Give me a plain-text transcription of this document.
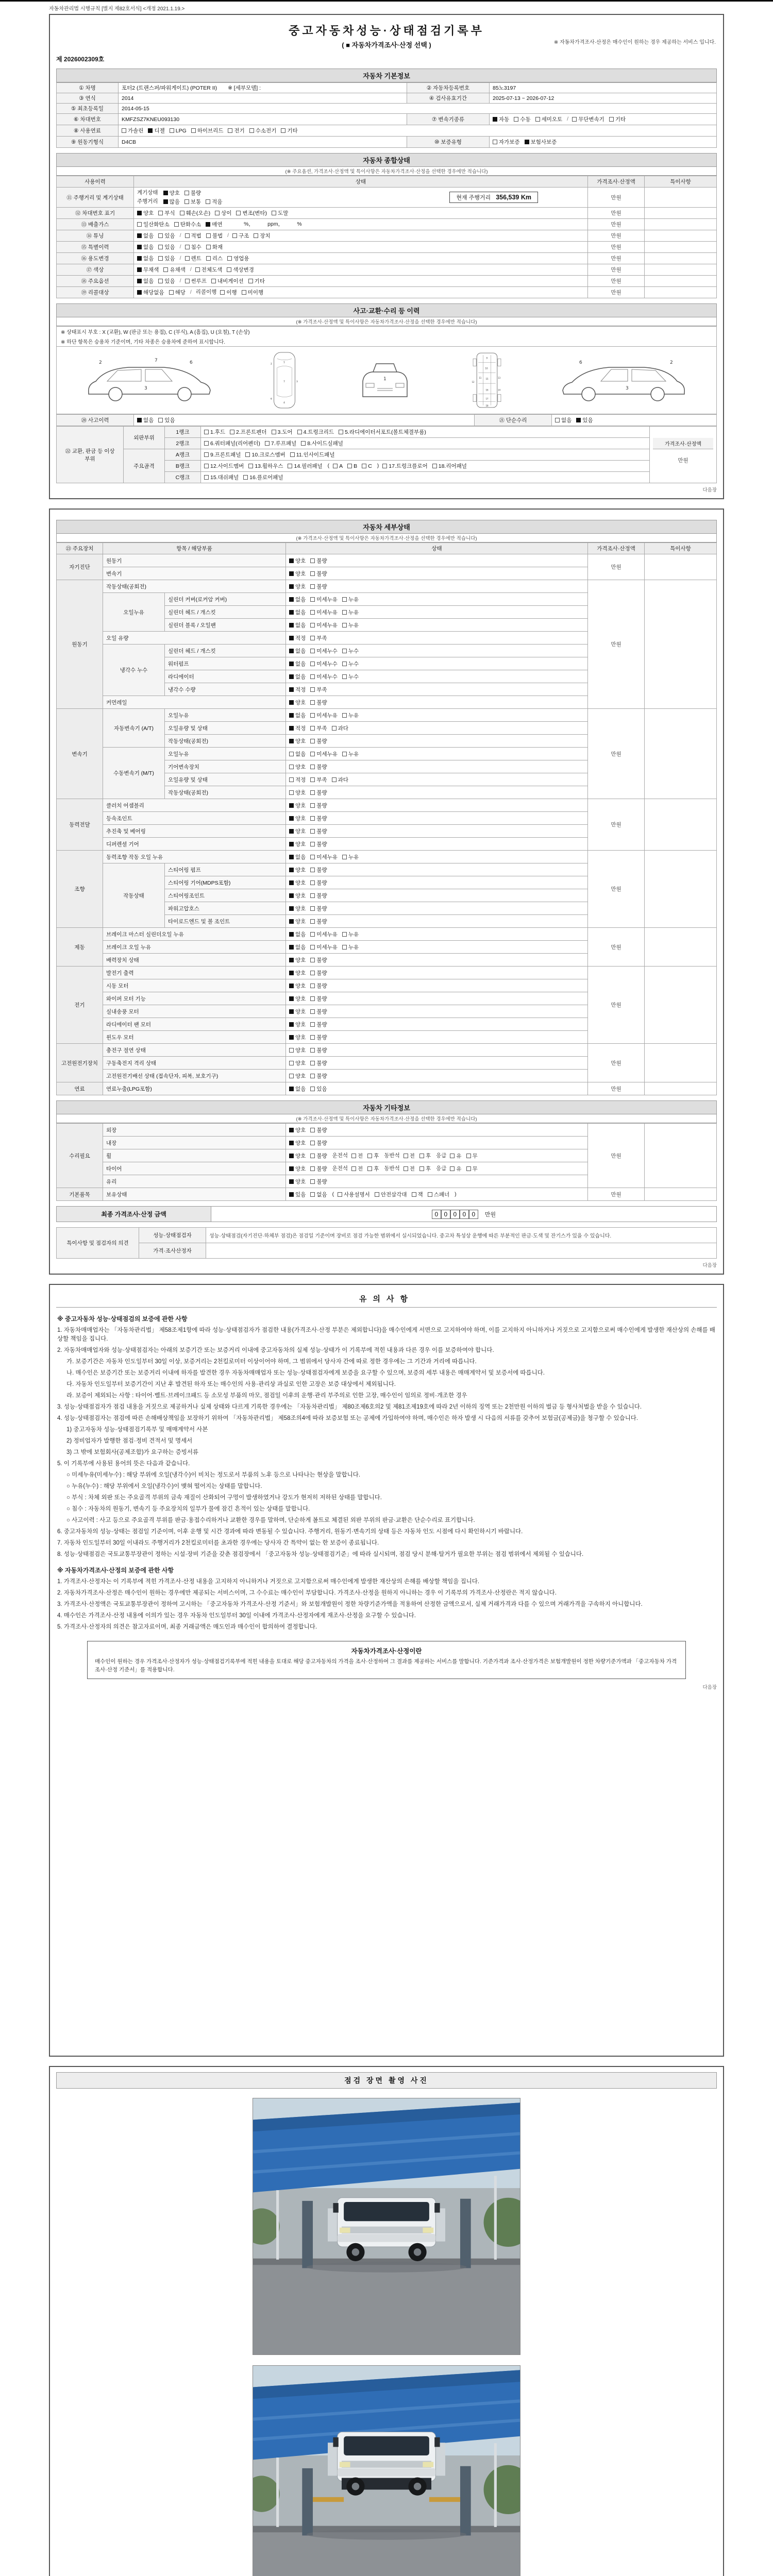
자동차관리법 시행규칙 [별지 제82호서식] <개정 2021.1.19.>
중고자동차성능·상태점검기록부
( ■ 자동차가격조사·산정 선택 )	※ 자동차가격조사·산정은 매수인이 원하는 경우 제공하는 서비스 입니다.
제 2026002309호
자동차 기본정보
① 차명	포터2 (트랜스퍼/파워게이트) (POTER II)　　※ [세부모델] :	② 자동차등록번호	85노3197
③ 연식	2014	④ 검사유효기간	2025-07-13 ~ 2026-07-12
⑤ 최초등록일	2014-05-15		
⑥ 차대번호	KMFZSZ7KNEU093130	⑦ 변속기종류	자동 수동 세미오토 / 무단변속기 기타

⑧ 사용연료	가솔린 디젤 LPG 하이브리드 전기 수소전기 기타

⑨ 원동기형식	D4CB	⑩ 보증유형	자가보증 보험사보증
자동차 종합상태
(※ 주요옵션, 가격조사·산정액 및 특이사항은 자동차가격조사·산정을 선택한 경우에만 적습니다)
사용이력	상태	가격조사·산정액	특이사항
⑪ 주행거리 및 계기상태	
계기상태 양호 불량
주행거리 많음 보통 적음
현재 주행거리 356,539 Km	만원	
⑫ 차대번호 표기	양호 부식 훼손(오손) 상이 변조(변타) 도말	만원	
⑬ 배출가스	일산화탄소 탄화수소 매연 　　　%，　　　ppm，　　　%	만원	
⑭ 튜닝	없음 있음 / 적법 불법 / 구조 장치	만원	
⑮ 특별이력	없음 있음 / 침수 화재	만원	
⑯ 용도변경	없음 있음 / 렌트 리스 영업용	만원	
⑰ 색상	무채색 유채색 / 전체도색 색상변경	만원	
⑱ 주요옵션	없음 있음 / 썬루프 내비게이션 기타	만원	
⑲ 리콜대상	해당없음 해당 / 리콜이행 이행 미이행	만원	
사고·교환·수리 등 이력
(※ 가격조사·산정액 및 특이사항은 자동차가격조사·산정을 선택한 경우에만 적습니다)
※ 상태표시 부호 : X (교환), W (판금 또는 용접), C (부식), A (흠집), U (요철), T (손상)
※ 하단 항목은 승용차 기준이며, 기타 차종은 승용차에 준하여 표시합니다.
2
3
6
7	1
7
4
2
3
6
1
9
10
11
12
13
14
15
16
17
18
6
3
2
⑳ 사고이력	없음 있음	㉑ 단순수리	없음 있음
㉒ 교환, 판금 등 이상 부위	외판부위	1랭크	1.후드 2.프론트펜더 3.도어 4.트렁크리드 5.라디에이터서포트(볼트체결부품)

가격조사·산정액
만원

		2랭크	6.쿼터패널(리어펜더) 7.루프패널 8.사이드실패널	

	주요골격	A랭크	9.프론트패널 10.크로스멤버 11.인사이드패널	

B랭크	12.사이드멤버 13.휠하우스 14.필러패널 ( A B C ) 17.트렁크플로어 18.리어패널

		C랭크	15.대쉬패널 16.플로어패널	
다음장
자동차 세부상태
(※ 가격조사·산정액 및 특이사항은 자동차가격조사·산정을 선택한 경우에만 적습니다)
㉓ 주요장치	항목 / 해당부품		상태	가격조사·산정액	특이사항
자기진단	원동기		양호 불량	만원	
	변속기		양호 불량		

원동기	작동상태(공회전)		양호 불량	만원	
	오일누유	실린더 커버(로커암 커버)	없음 미세누유 누유		

		실린더 헤드 / 개스킷	없음 미세누유 누유		

		실린더 블록 / 오일팬	없음 미세누유 누유		

	오일 유량		적정 부족		

	냉각수 누수	실린더 헤드 / 개스킷	없음 미세누수 누수		

		워터펌프	없음 미세누수 누수		

		라디에이터	없음 미세누수 누수		

		냉각수 수량	적정 부족		

	커먼레일		양호 불량		

변속기	자동변속기 (A/T)	오일누유	없음 미세누유 누유	만원	
		오일유량 및 상태	적정 부족 과다		

		작동상태(공회전)	양호 불량		

	수동변속기 (M/T)	오일누유	없음 미세누유 누유		

		기어변속장치	양호 불량		

		오일유량 및 상태	적정 부족 과다		

		작동상태(공회전)	양호 불량		

동력전달	클러치 어셈블리		양호 불량	만원	
	등속조인트		양호 불량		

	추진축 및 베어링		양호 불량		

	디퍼렌셜 기어		양호 불량		

조향	동력조향 작동 오일 누유		없음 미세누유 누유	만원	
	작동상태	스티어링 펌프	양호 불량		

		스티어링 기어(MDPS포함)	양호 불량		

		스티어링조인트	양호 불량		

		파워고압호스	양호 불량		

		타이로드엔드 및 볼 조인트	양호 불량		

제동	브레이크 마스터 실린더오일 누유		없음 미세누유 누유	만원	
	브레이크 오일 누유		없음 미세누유 누유		

	배력장치 상태		양호 불량		

전기	발전기 출력		양호 불량	만원	
	시동 모터		양호 불량		

	와이퍼 모터 기능		양호 불량		

	실내송풍 모터		양호 불량		

	라디에이터 팬 모터		양호 불량		

	윈도우 모터		양호 불량		

고전원전기장치	충전구 절연 상태		양호 불량	만원	
	구동축전지 격리 상태		양호 불량		

	고전원전기배선 상태 (접속단자, 피복, 보호기구)		양호 불량		

연료	연료누출(LPG포함)		없음 있음	만원	
자동차 기타정보
(※ 가격조사·산정액 및 특이사항은 자동차가격조사·산정을 선택한 경우에만 적습니다)
수리필요	외장	양호 불량	만원	
	내장	양호 불량		

휠	양호 불량 운전석 전 후 동반석 전 후 응급 유 무

타이어	양호 불량 운전석 전 후 동반석 전 후 응급 유 무

	유리	양호 불량		

기본품목	보유상태	있음 없음 ( 사용설명서 안전삼각대 잭 스패너 )	만원	
최종 가격조사·산정 금액	0 0 0 0 0	만원
특이사항 및 점검자의 의견	성능·상태점검자	성능·상태점검(자기진단·하체부 점검)은 점검일 기준이며 장비로 점검 가능한 범위에서 실시되었습니다. 중고차 특성상 운행에 따른 부분적인 판금·도색 및 잔기스가 있을 수 있습니다.
	가격·조사산정자	
다음장
유의사항
※ 중고자동차 성능·상태점검의 보증에 관한 사항
1. 자동차매매업자는 「자동차관리법」 제58조제1항에 따라 성능·상태점검자가 점검한 내용(가격조사·산정 부분은 제외합니다)을 매수인에게 서면으로 고지하여야 하며, 이를 고지하지 아니하거나 거짓으로 고지함으로써 매수인에게 발생한 재산상의 손해를 배상할 책임을 집니다.
2. 자동차매매업자와 성능·상태점검자는 아래의 보증기간 또는 보증거리 이내에 중고자동차의 실제 성능·상태가 이 기록부에 적힌 내용과 다른 경우 이를 보증하여야 합니다.
가. 보증기간은 자동차 인도일부터 30일 이상, 보증거리는 2천킬로미터 이상이어야 하며, 그 범위에서 당사자 간에 따로 정한 경우에는 그 기간과 거리에 따릅니다.
나. 매수인은 보증기간 또는 보증거리 이내에 하자를 발견한 경우 자동차매매업자 또는 성능·상태점검자에게 보증을 요구할 수 있으며, 보증의 세부 내용은 매매계약서 및 보증서에 따릅니다.
다. 자동차 인도일부터 보증기간이 지난 후 발견된 하자 또는 매수인의 사용·관리상 과실로 인한 고장은 보증 대상에서 제외됩니다.
라. 보증이 제외되는 사항 : 타이어·벨트·브레이크패드 등 소모성 부품의 마모, 점검일 이후의 운행·관리 부주의로 인한 고장, 매수인이 임의로 정비·개조한 경우
3. 성능·상태점검자가 점검 내용을 거짓으로 제공하거나 실제 상태와 다르게 기록한 경우에는 「자동차관리법」 제80조제6호의2 및 제81조제19호에 따라 2년 이하의 징역 또는 2천만원 이하의 벌금 등 형사처벌을 받을 수 있습니다.
4. 성능·상태점검자는 점검에 따른 손해배상책임을 보장하기 위하여 「자동차관리법」 제58조의4에 따라 보증보험 또는 공제에 가입하여야 하며, 매수인은 하자 발생 시 다음의 서류를 갖추어 보험금(공제금)을 청구할 수 있습니다.
1) 중고자동차 성능·상태점검기록부 및 매매계약서 사본
2) 정비업자가 발행한 점검·정비 견적서 및 명세서
3) 그 밖에 보험회사(공제조합)가 요구하는 증빙서류
5. 이 기록부에 사용된 용어의 뜻은 다음과 같습니다.
○ 미세누유(미세누수) : 해당 부위에 오일(냉각수)이 비치는 정도로서 부품의 노후 등으로 나타나는 현상을 말합니다.
○ 누유(누수) : 해당 부위에서 오일(냉각수)이 맺혀 떨어지는 상태를 말합니다.
○ 부식 : 차체 외판 또는 주요골격 부위의 금속 재질이 산화되어 구멍이 발생하였거나 강도가 현저히 저하된 상태를 말합니다.
○ 침수 : 자동차의 원동기, 변속기 등 주요장치의 일부가 물에 잠긴 흔적이 있는 상태를 말합니다.
○ 사고이력 : 사고 등으로 주요골격 부위를 판금·용접수리하거나 교환한 경우를 말하며, 단순하게 볼트로 체결된 외판 부위의 판금·교환은 단순수리로 표기합니다.
6. 중고자동차의 성능·상태는 점검일 기준이며, 이후 운행 및 시간 경과에 따라 변동될 수 있습니다. 주행거리, 원동기·변속기의 상태 등은 자동차 인도 시점에 다시 확인하시기 바랍니다.
7. 자동차 인도일부터 30일 이내라도 주행거리가 2천킬로미터를 초과한 경우에는 당사자 간 특약이 없는 한 보증이 종료됩니다.
8. 성능·상태점검은 국토교통부장관이 정하는 시설·장비 기준을 갖춘 점검장에서 「중고자동차 성능·상태점검기준」에 따라 실시되며, 점검 당시 분해·탈거가 필요한 부위는 점검 범위에서 제외될 수 있습니다.
※ 자동차가격조사·산정의 보증에 관한 사항
1. 가격조사·산정자는 이 기록부에 적힌 가격조사·산정 내용을 고지하지 아니하거나 거짓으로 고지함으로써 매수인에게 발생한 재산상의 손해를 배상할 책임을 집니다.
2. 자동차가격조사·산정은 매수인이 원하는 경우에만 제공되는 서비스이며, 그 수수료는 매수인이 부담합니다. 가격조사·산정을 원하지 아니하는 경우 이 기록부의 가격조사·산정란은 적지 않습니다.
3. 가격조사·산정액은 국토교통부장관이 정하여 고시하는 「중고자동차 가격조사·산정 기준서」와 보험개발원이 정한 차량기준가액을 적용하여 산정한 금액으로서, 실제 거래가격과 다를 수 있으며 거래가격을 구속하지 아니합니다.
4. 매수인은 가격조사·산정 내용에 이의가 있는 경우 자동차 인도일부터 30일 이내에 가격조사·산정자에게 재조사·산정을 요구할 수 있습니다.
5. 가격조사·산정자의 의견은 참고자료이며, 최종 거래금액은 매도인과 매수인이 합의하여 결정합니다.
자동차가격조사·산정이란
매수인이 원하는 경우 가격조사·산정자가 성능·상태점검기록부에 적힌 내용을 토대로 해당 중고자동차의 가격을 조사·산정하여 그 결과를 제공하는 서비스를 말합니다. 기준가격과 조사·산정가격은 보험개발원이 정한 차량기준가액과 「중고자동차 가격조사·산정 기준서」를 적용합니다.
다음장
점검 장면 촬영 사진
